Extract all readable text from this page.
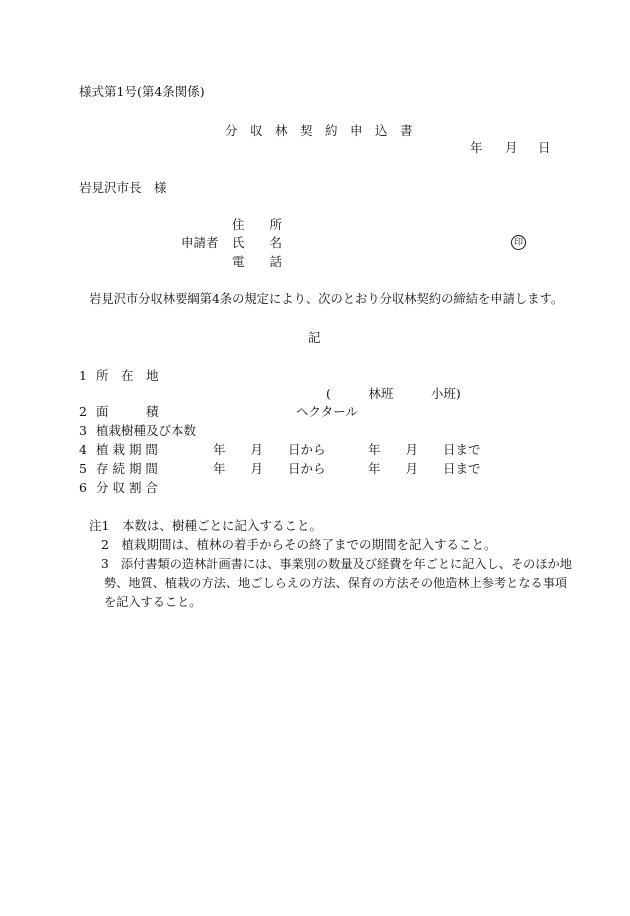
様式第1号(第4条関係)
分　収　林　契　約　申　込　書
年 月 日
岩見沢市長　様
住　　所
申請者 氏　　名	印
電　　話
岩見沢市分収林要綱第4条の規定により、次のとおり分収林契約の締結を申請します。
記
1 所　在　地
(　　　林班　　　小班)
2 面　　　積	ヘクタール
3 植栽樹種及び本数
4 植 栽 期 間	年　　月　　日から	年　　月　　日まで
5 存 続 期 間	年　　月　　日から	年　　月　　日まで
6 分 収 割 合
注1　本数は、樹種ごとに記入すること。
2　植栽期間は、植林の着手からその終了までの期間を記入すること。
3　添付書類の造林計画書には、事業別の数量及び経費を年ごとに記入し、そのほか地
勢、地質、植栽の方法、地ごしらえの方法、保育の方法その他造林上参考となる事項
を記入すること。
